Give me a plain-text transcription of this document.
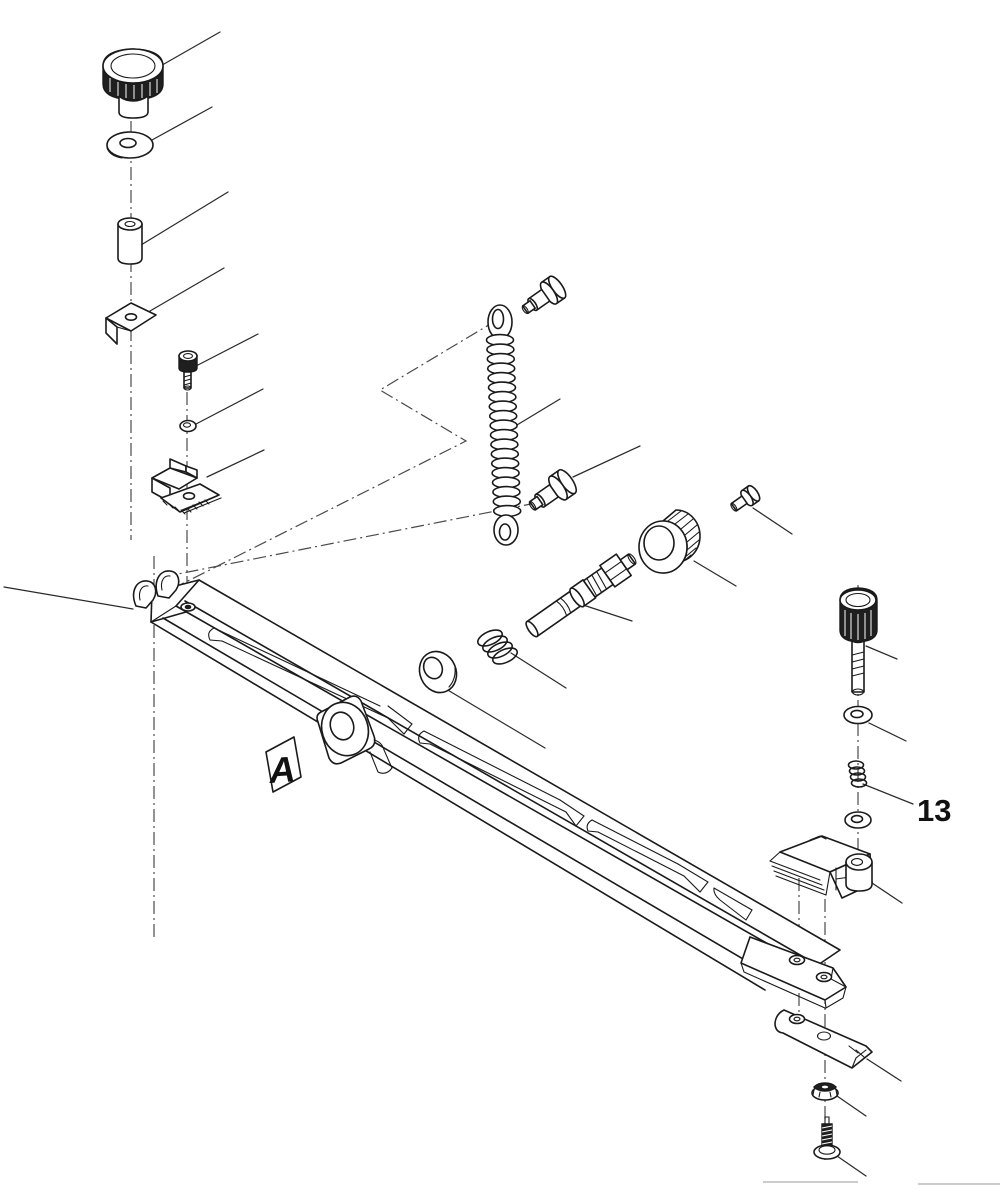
A
13
